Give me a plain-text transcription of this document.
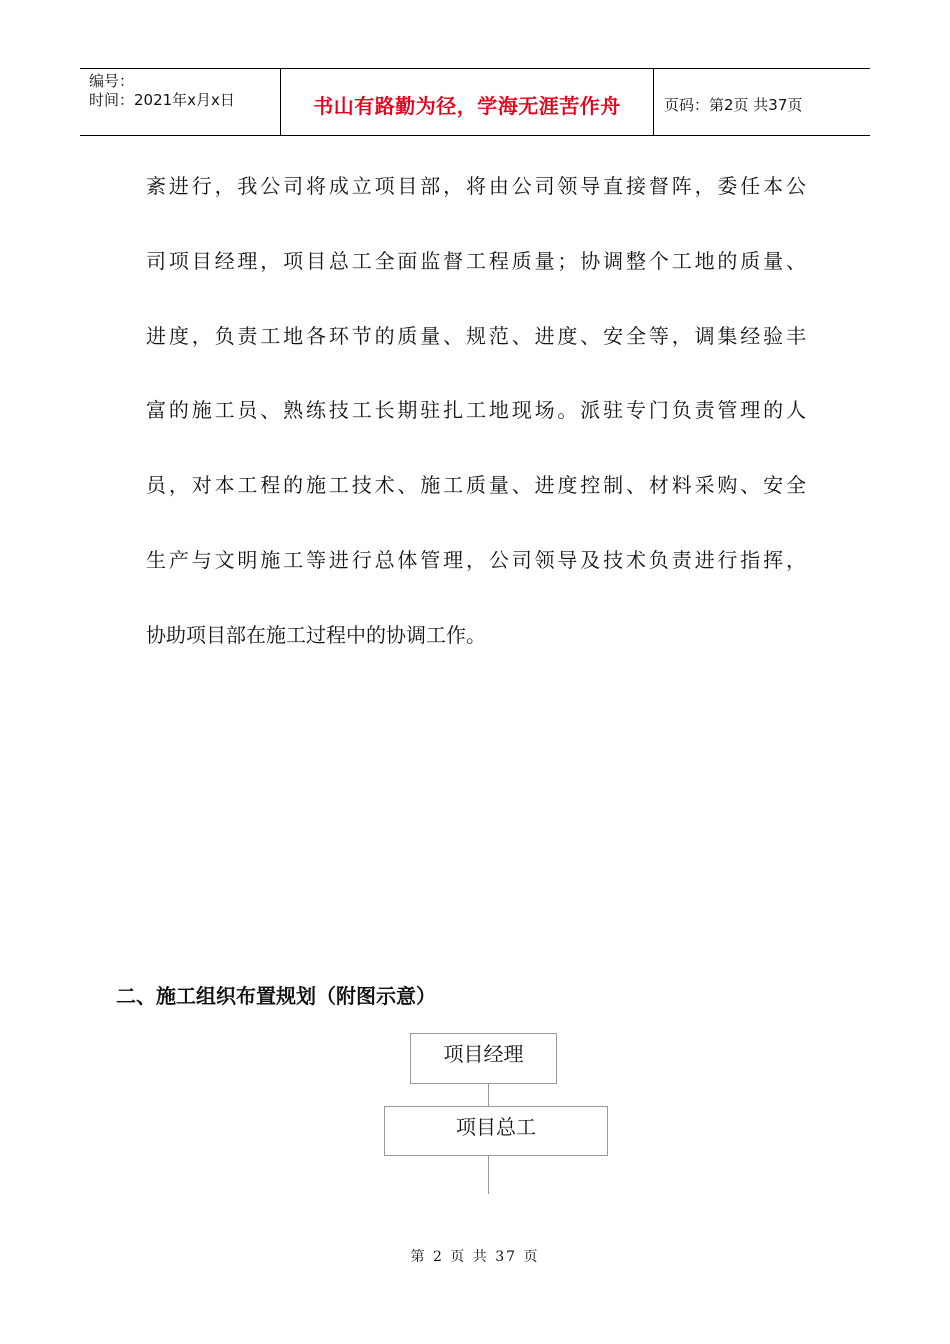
编号：
时间：2021年x月x日	书山有路勤为径，学海无涯苦作舟	页码：第2页 共37页
紊进行，我公司将成立项目部，将由公司领导直接督阵，委任本公
司项目经理，项目总工全面监督工程质量；协调整个工地的质量、
进度，负责工地各环节的质量、规范、进度、安全等，调集经验丰
富的施工员、熟练技工长期驻扎工地现场。派驻专门负责管理的人
员，对本工程的施工技术、施工质量、进度控制、材料采购、安全
生产与文明施工等进行总体管理，公司领导及技术负责进行指挥，
协助项目部在施工过程中的协调工作。
二、施工组织布置规划（附图示意）
项目经理
项目总工
第 2 页 共 37 页
